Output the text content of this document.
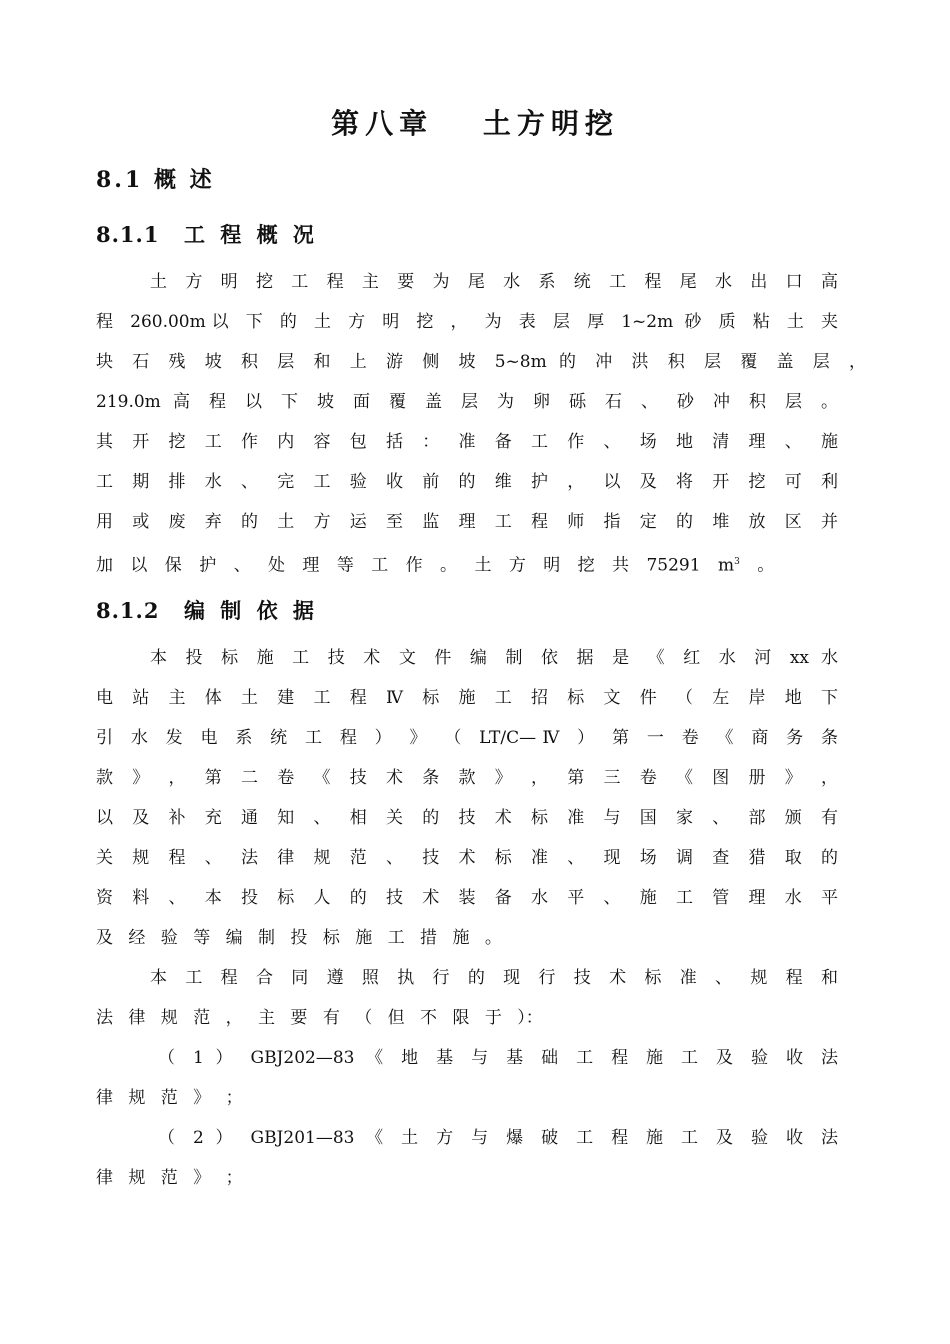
第八章　 土方明挖
8.1 概 述
8.1.1 工 程 概 况

土 方 明 挖 工 程 主 要 为 尾 水 系 统 工 程 尾 水 出 口 高

程 260.00m以 下 的 土 方 明 挖 ， 为 表 层 厚 1~2m 砂 质 粘 土 夹

块 石 残 坡 积 层 和 上 游 侧 坡 5~8m 的 冲 洪 积 层 覆 盖 层 ，

219.0m 高 程 以 下 坡 面 覆 盖 层 为 卵 砾 石 、 砂 冲 积 层 。

其 开 挖 工 作 内 容 包 括 ： 准 备 工 作 、 场 地 清 理 、 施

工 期 排 水 、 完 工 验 收 前 的 维 护 ， 以 及 将 开 挖 可 利

用 或 废 弃 的 土 方 运 至 监 理 工 程 师 指 定 的 堆 放 区 并

加 以 保 护 、 处 理 等 工 作 。 土 方 明 挖 共 75291 $m^3$ 。

8.1.2 编 制 依 据

本 投 标 施 工 技 术 文 件 编 制 依 据 是 《 红 水 河 xx 水

电 站 主 体 土 建 工 程 Ⅳ 标 施 工 招 标 文 件 （ 左 岸 地 下

引 水 发 电 系 统 工 程 ） 》 （ LT/C—Ⅳ ） 第 一 卷 《 商 务 条

款 》 ， 第 二 卷 《 技 术 条 款 》 ， 第 三 卷 《 图 册 》 ，

以 及 补 充 通 知 、 相 关 的 技 术 标 准 与 国 家 、 部 颁 有

关 规 程 、 法 律 规 范 、 技 术 标 准 、 现 场 调 查 猎 取 的

资 料 、 本 投 标 人 的 技 术 装 备 水 平 、 施 工 管 理 水 平

及 经 验 等 编 制 投 标 施 工 措 施 。

本 工 程 合 同 遵 照 执 行 的 现 行 技 术 标 准 、 规 程 和

法 律 规 范 ， 主 要 有 （ 但 不 限 于 ）：

（ 1 ） GBJ202—83 《 地 基 与 基 础 工 程 施 工 及 验 收 法

律 规 范 》 ；

（ 2 ） GBJ201—83 《 土 方 与 爆 破 工 程 施 工 及 验 收 法

律 规 范 》 ；
